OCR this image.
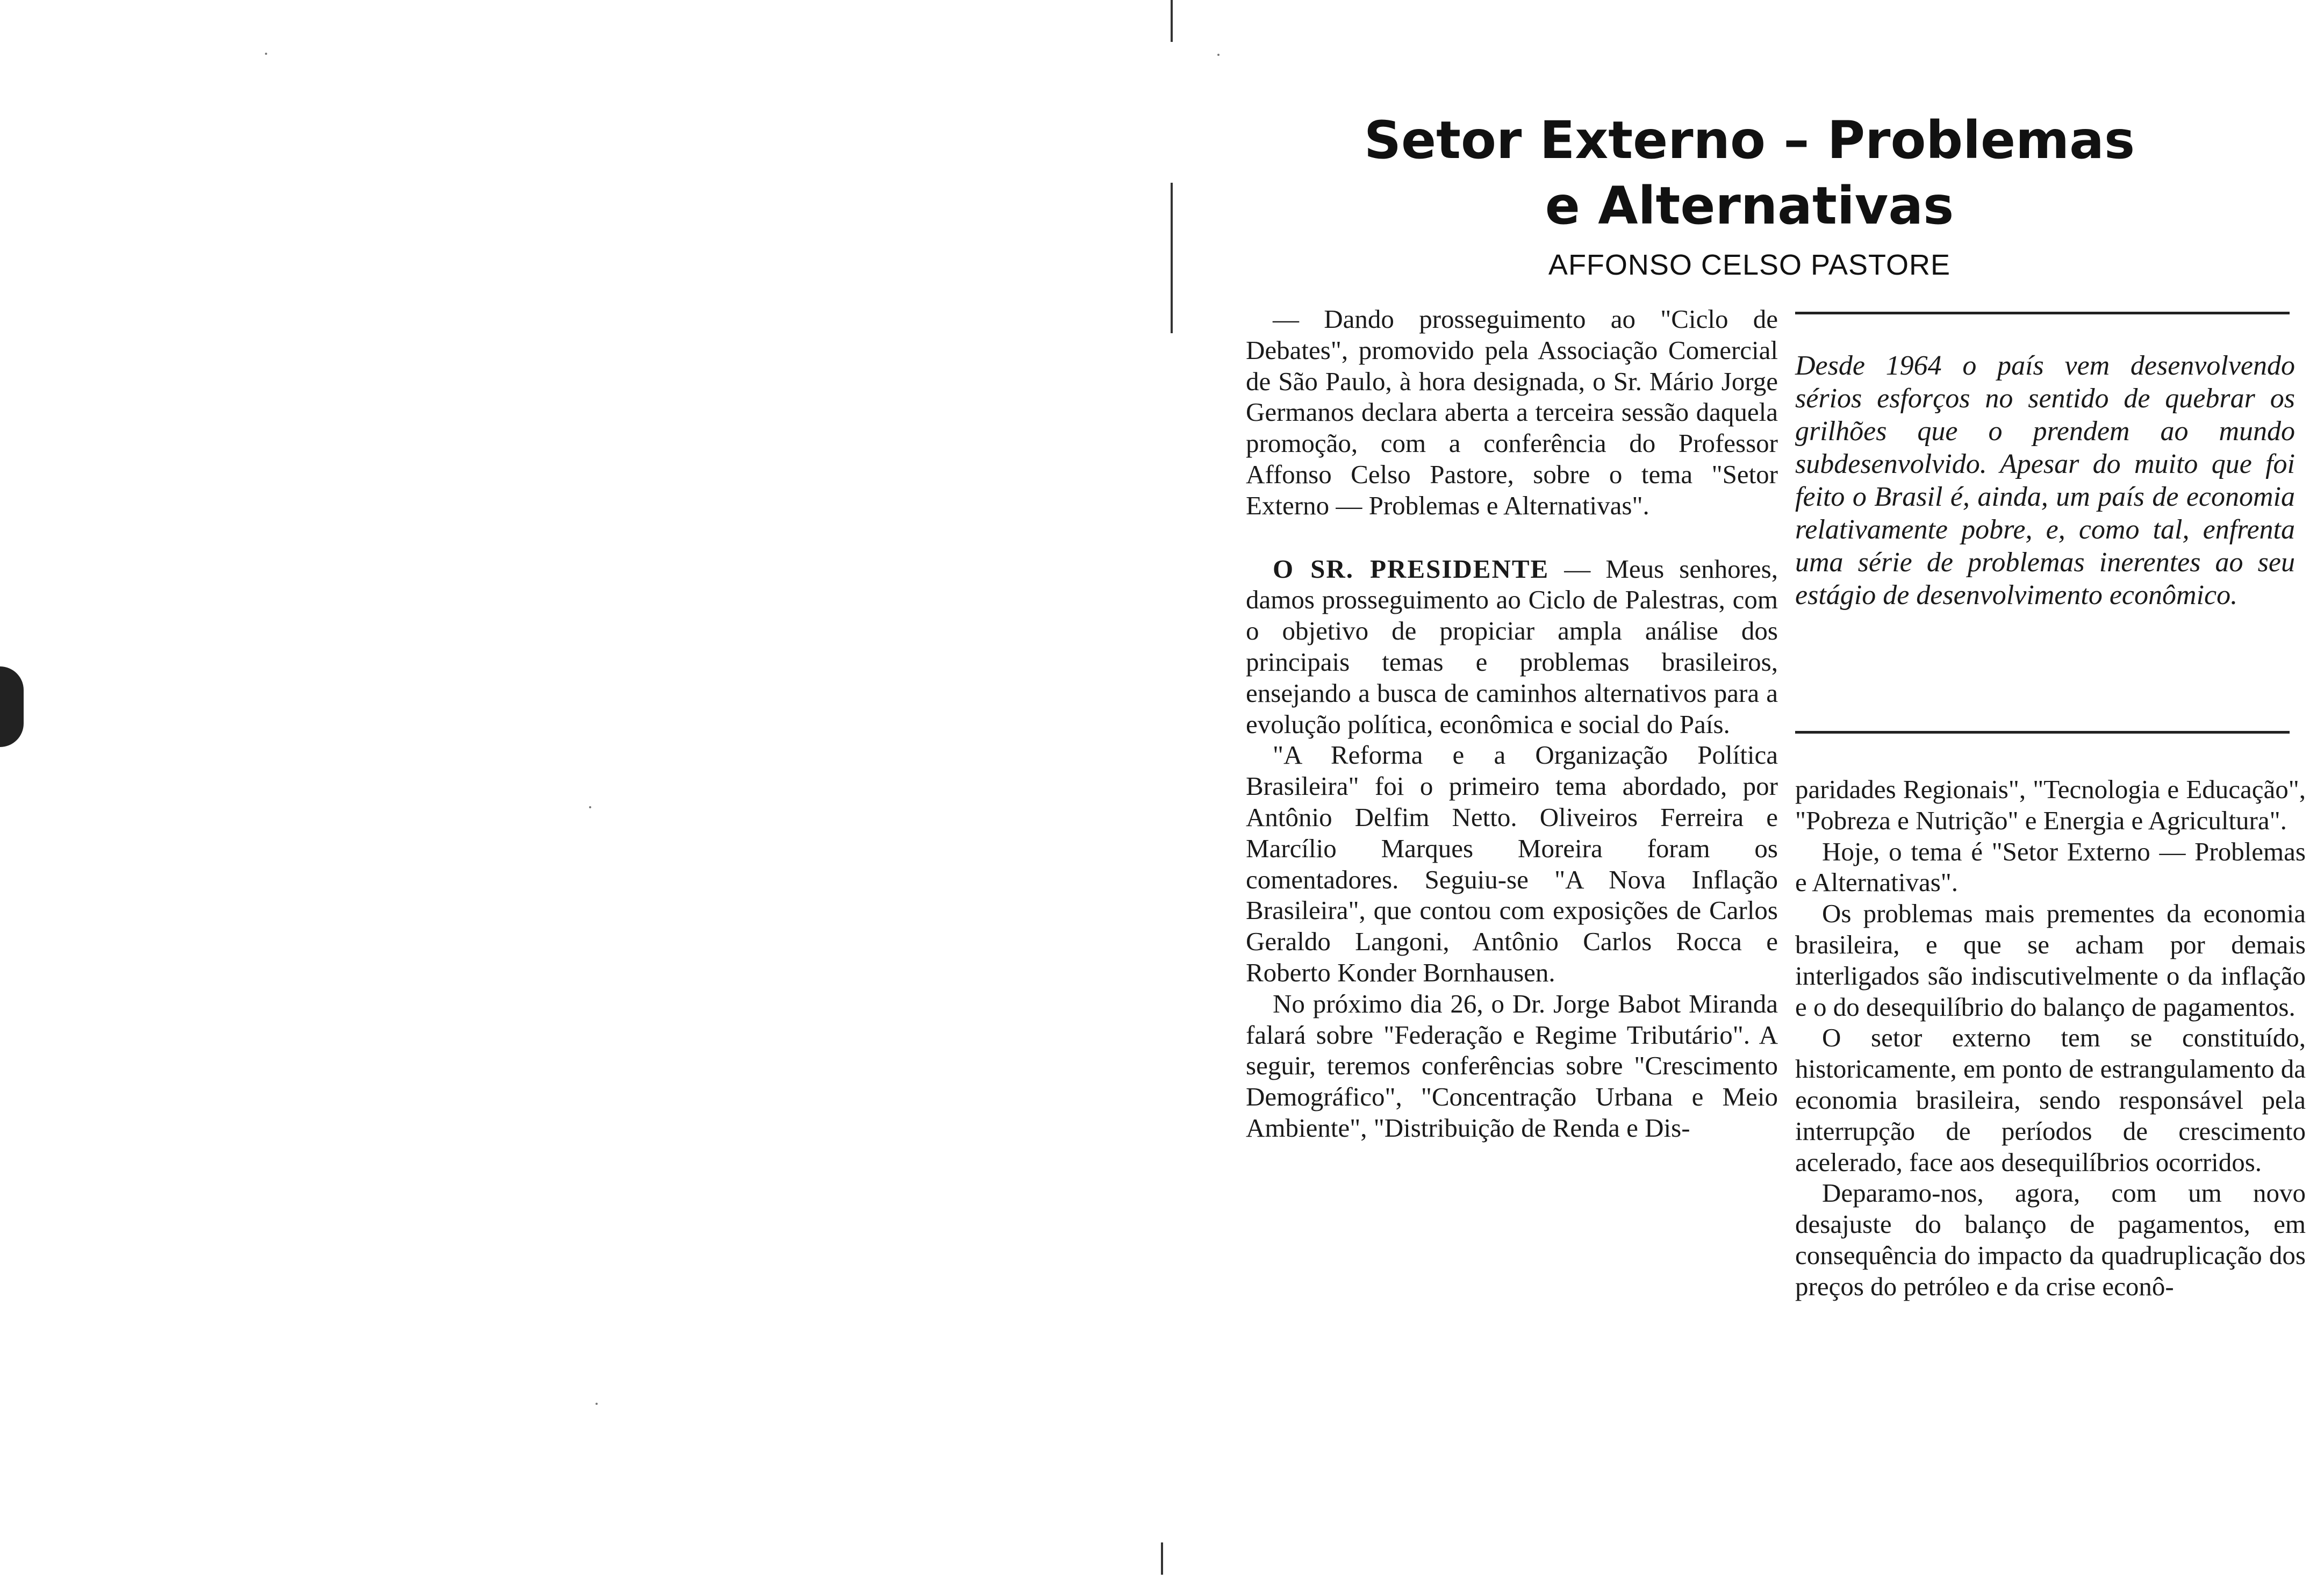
Setor Externo – Problemas
e Alternativas
AFFONSO CELSO PASTORE

— Dando prosseguimento ao "Ciclo de Debates", promovido pela Associação Comercial de São Paulo, à hora designada, o Sr. Mário Jorge Germanos declara aberta a terceira sessão daquela promoção, com a conferência do Professor Affonso Celso Pastore, sobre o tema "Setor Externo — Problemas e Alternativas".

O SR. PRESIDENTE — Meus senhores, damos prosseguimento ao Ciclo de Palestras, com o objetivo de propiciar ampla análise dos principais temas e problemas brasileiros, ensejando a busca de caminhos alternativos para a evolução política, econômica e social do País.

"A Reforma e a Organização Política Brasileira" foi o primeiro tema abordado, por Antônio Delfim Netto. Oliveiros Ferreira e Marcílio Marques Moreira foram os comentadores. Seguiu-se "A Nova Inflação Brasileira", que contou com exposições de Carlos Geraldo Langoni, Antônio Carlos Rocca e Roberto Konder Bornhausen.

No próximo dia 26, o Dr. Jorge Babot Miranda falará sobre "Federação e Regime Tributário". A seguir, teremos conferências sobre "Crescimento Demográfico", "Concentração Urbana e Meio Ambiente", "Distribuição de Renda e Dis-

Desde 1964 o país vem desenvolvendo sérios esforços no sentido de quebrar os grilhões que o prendem ao mundo subdesenvolvido. Apesar do muito que foi feito o Brasil é, ainda, um país de economia relativamente pobre, e, como tal, enfrenta uma série de problemas inerentes ao seu estágio de desenvolvimento econômico.

paridades Regionais", "Tecnologia e Educação", "Pobreza e Nutrição" e Energia e Agricultura".

Hoje, o tema é "Setor Externo — Problemas e Alternativas".

Os problemas mais prementes da economia brasileira, e que se acham por demais interligados são indiscutivelmente o da inflação e o do desequilíbrio do balanço de pagamentos.

O setor externo tem se constituído, historicamente, em ponto de estrangulamento da economia brasileira, sendo responsável pela interrupção de períodos de crescimento acelerado, face aos desequilíbrios ocorridos.

Deparamo-nos, agora, com um novo desajuste do balanço de pagamentos, em consequência do impacto da quadruplicação dos preços do petróleo e da crise econô-
